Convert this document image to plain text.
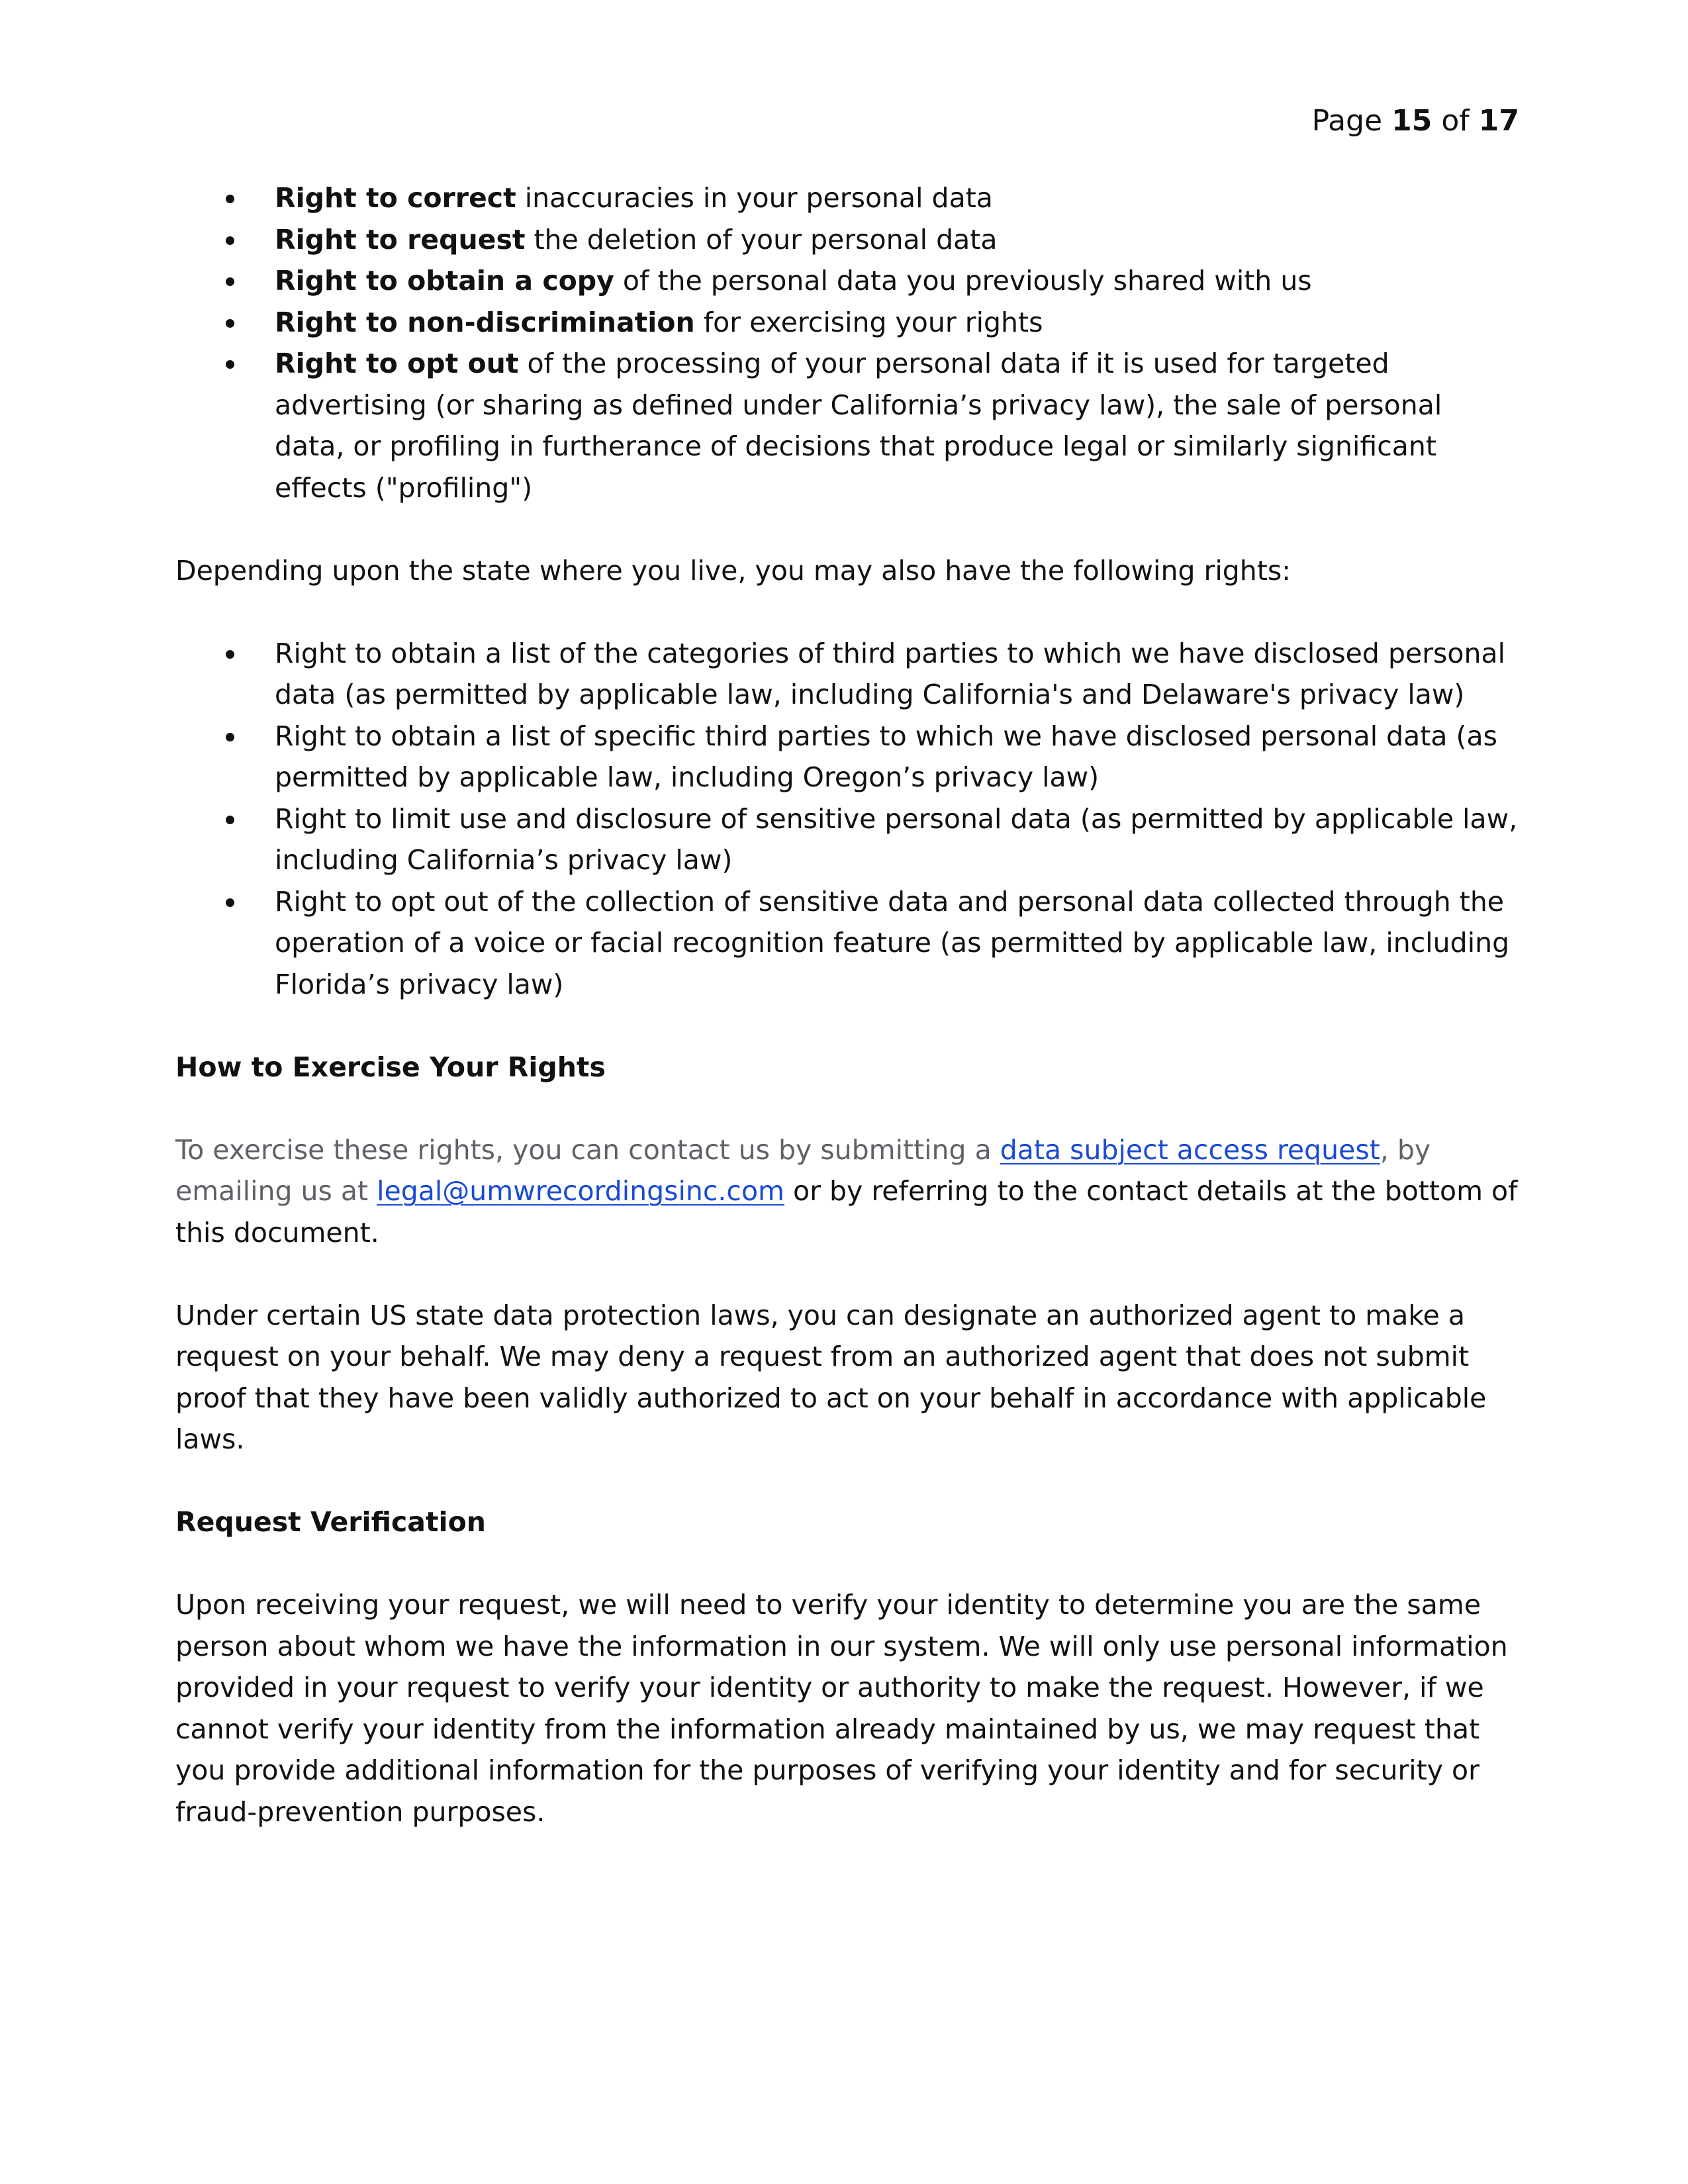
Page 15 of 17
Right to correct inaccuracies in your personal data
Right to request the deletion of your personal data
Right to obtain a copy of the personal data you previously shared with us
Right to non-discrimination for exercising your rights
Right to opt out of the processing of your personal data if it is used for targeted advertising (or sharing as defined under California’s privacy law), the sale of personal data, or profiling in furtherance of decisions that produce legal or similarly significant effects ("profiling")

Depending upon the state where you live, you may also have the following rights:

Right to obtain a list of the categories of third parties to which we have disclosed personal data (as permitted by applicable law, including California's and Delaware's privacy law)
Right to obtain a list of specific third parties to which we have disclosed personal data (as permitted by applicable law, including Oregon’s privacy law)
Right to limit use and disclosure of sensitive personal data (as permitted by applicable law, including California’s privacy law)
Right to opt out of the collection of sensitive data and personal data collected through the operation of a voice or facial recognition feature (as permitted by applicable law, including Florida’s privacy law)

How to Exercise Your Rights

To exercise these rights, you can contact us by submitting a data subject access request, by emailing us at legal@umwrecordingsinc.com or by referring to the contact details at the bottom of this document.

Under certain US state data protection laws, you can designate an authorized agent to make a request on your behalf. We may deny a request from an authorized agent that does not submit proof that they have been validly authorized to act on your behalf in accordance with applicable laws.

Request Verification

Upon receiving your request, we will need to verify your identity to determine you are the same person about whom we have the information in our system. We will only use personal information provided in your request to verify your identity or authority to make the request. However, if we cannot verify your identity from the information already maintained by us, we may request that you provide additional information for the purposes of verifying your identity and for security or fraud-prevention purposes.
